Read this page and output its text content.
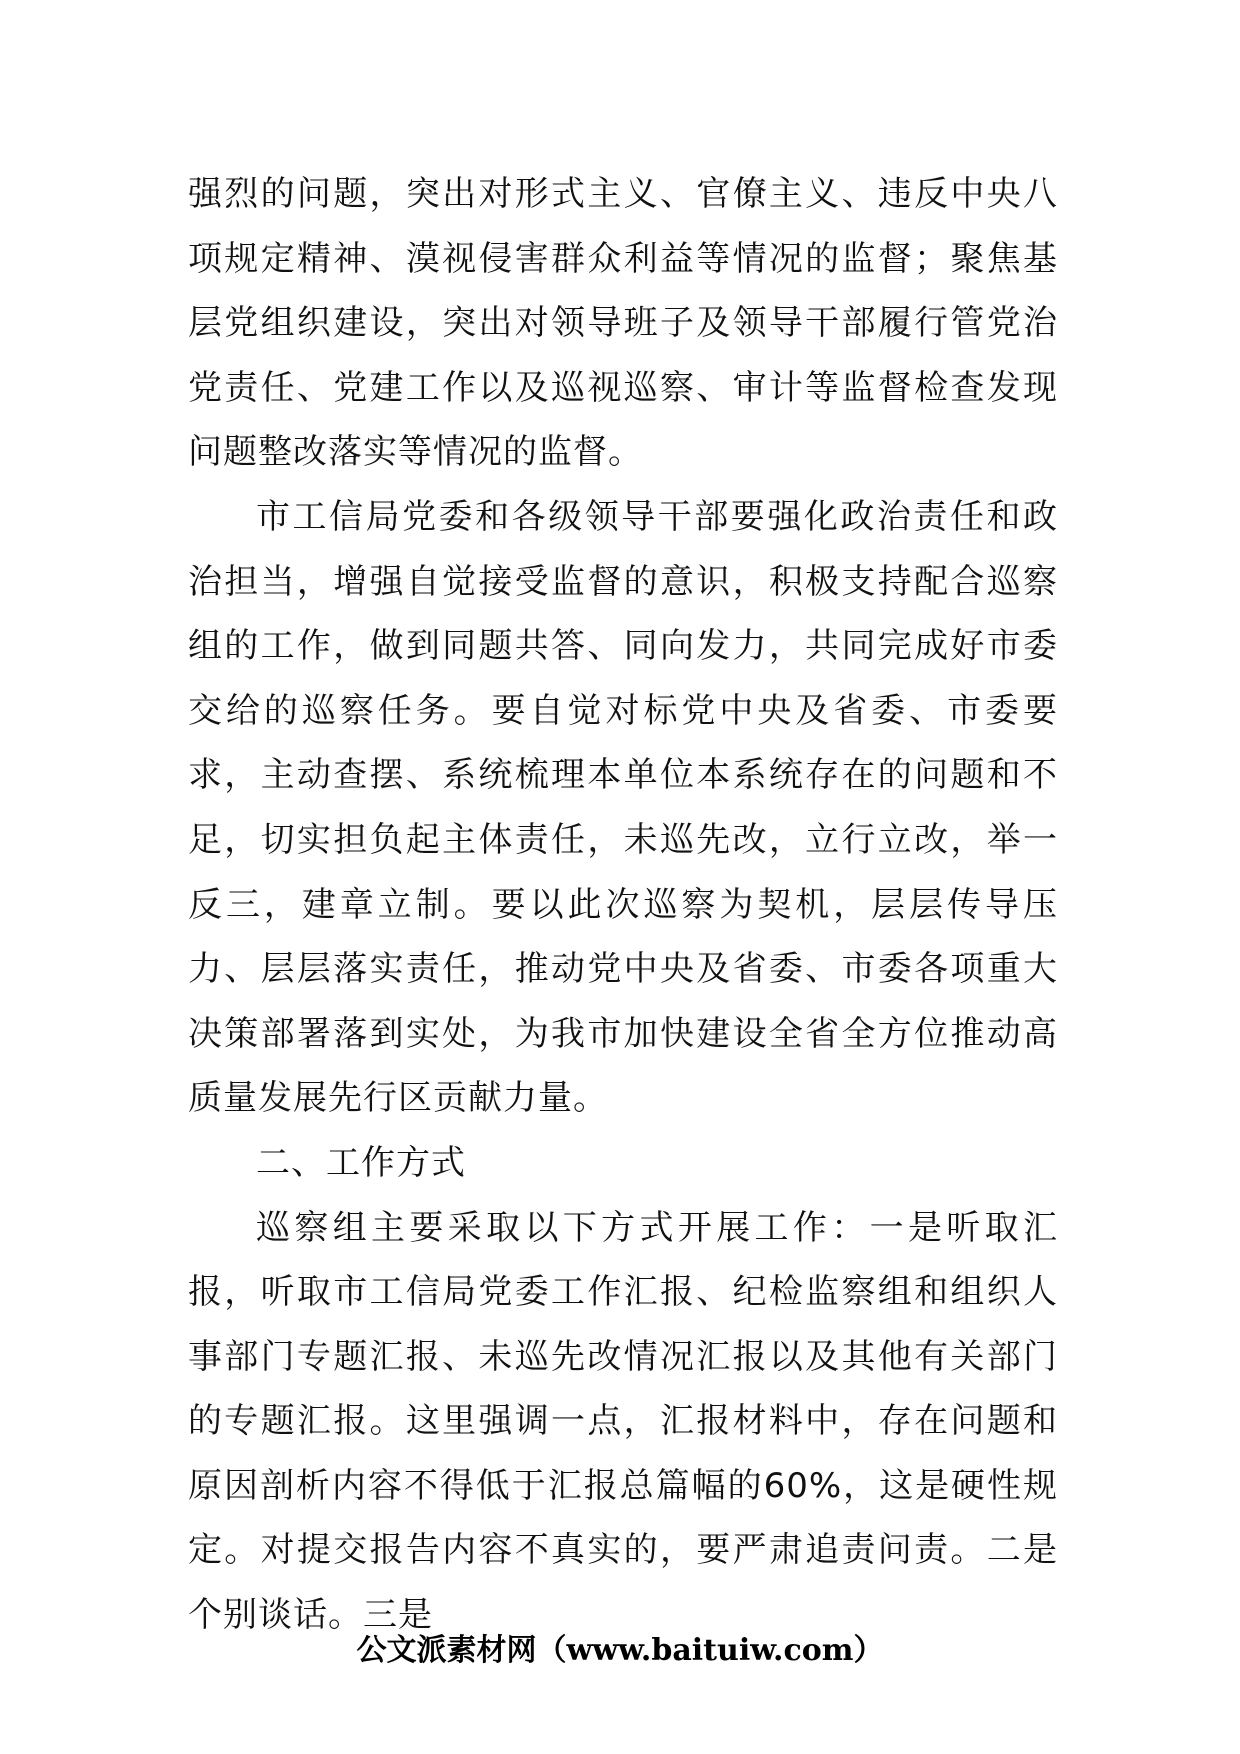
强烈的问题，突出对形式主义、官僚主义、违反中央八项规定精神、漠视侵害群众利益等情况的监督；聚焦基层党组织建设，突出对领导班子及领导干部履行管党治党责任、党建工作以及巡视巡察、审计等监督检查发现问题整改落实等情况的监督。

市工信局党委和各级领导干部要强化政治责任和政治担当，增强自觉接受监督的意识，积极支持配合巡察组的工作，做到同题共答、同向发力，共同完成好市委交给的巡察任务。要自觉对标党中央及省委、市委要求，主动查摆、系统梳理本单位本系统存在的问题和不足，切实担负起主体责任，未巡先改，立行立改，举一反三，建章立制。要以此次巡察为契机，层层传导压力、层层落实责任，推动党中央及省委、市委各项重大决策部署落到实处，为我市加快建设全省全方位推动高质量发展先行区贡献力量。

二、工作方式

巡察组主要采取以下方式开展工作：一是听取汇报，听取市工信局党委工作汇报、纪检监察组和组织人事部门专题汇报、未巡先改情况汇报以及其他有关部门的专题汇报。这里强调一点，汇报材料中，存在问题和原因剖析内容不得低于汇报总篇幅的60%，这是硬性规定。对提交报告内容不真实的，要严肃追责问责。二是个别谈话。三是

公文派素材网（www.baituiw.com）
